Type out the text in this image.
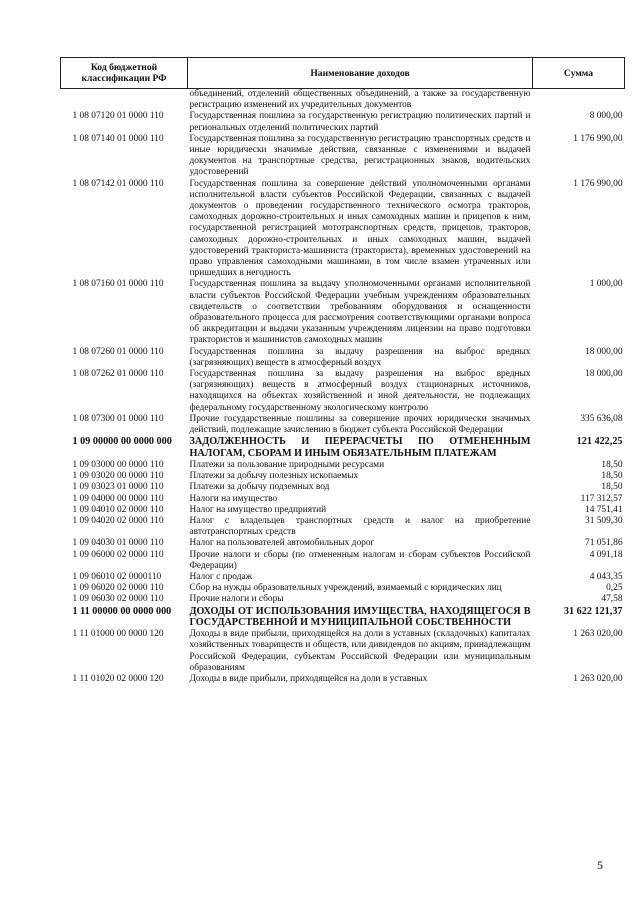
Код бюджетной классификации РФ	Наименование доходов	Сумма
	объединений, отделений общественных объединений, а также за государственную регистрацию изменений их учредительных документов	
1 08 07120 01 0000 110	Государственная пошлина за государственную регистрацию политических партий и региональных отделений политических партий	8 000,00
1 08 07140 01 0000 110	Государственная пошлина за государственную регистрацию транспортных средств и иные юридически значимые действия, связанные с изменениями и выдачей документов на транспортные средства, регистрационных знаков, водительских удостоверений	1 176 990,00
1 08 07142 01 0000 110	Государственная пошлина за совершение действий уполномоченными органами исполнительной власти субъектов Российской Федерации, связанных с выдачей документов о проведении государственного технического осмотра тракторов, самоходных дорожно-строительных и иных самоходных машин и прицепов к ним, государственной регистрацией мототранспортных средств, прицепов, тракторов, самоходных дорожно-строительных и иных самоходных машин, выдачей удостоверений тракториста-машиниста (тракториста), временных удостоверений на право управления самоходными машинами, в том числе взамен утраченных или пришедших в негодность	1 176 990,00
1 08 07160 01 0000 110	Государственная пошлина за выдачу уполномоченными органами исполнительной власти субъектов Российской Федерации учебным учреждениям образовательных свидетельств о соответствии требованиям оборудования и оснащенности образовательного процесса для рассмотрения соответствующими органами вопроса об аккредитации и выдачи указанным учреждениям лицензии на право подготовки трактористов и машинистов самоходных машин	1 000,00
1 08 07260 01 0000 110	Государственная пошлина за выдачу разрешения на выброс вредных (загрязняющих) веществ в атмосферный воздух	18 000,00
1 08 07262 01 0000 110	Государственная пошлина за выдачу разрешения на выброс вредных (загрязняющих) веществ в атмосферный воздух стационарных источников, находящихся на объектах хозяйственной и иной деятельности, не подлежащих федеральному государственному экологическому контролю	18 000,00
1 08 07300 01 0000 110	Прочие государственные пошлины за совершение прочих юридически значимых действий, подлежащие зачислению в бюджет субъекта Российской Федерации	335 636,08
1 09 00000 00 0000 000	ЗАДОЛЖЕННОСТЬ И ПЕРЕРАСЧЕТЫ ПО ОТМЕНЕННЫМ НАЛОГАМ, СБОРАМ И ИНЫМ ОБЯЗАТЕЛЬНЫМ ПЛАТЕЖАМ	121 422,25
1 09 03000 00 0000 110	Платежи за пользование природными ресурсами	18,50
1 09 03020 00 0000 110	Платежи за добычу полезных ископаемых	18,50
1 09 03023 01 0000 110	Платежи за добычу подземных вод	18,50
1 09 04000 00 0000 110	Налоги на имущество	117 312,57
1 09 04010 02 0000 110	Налог на имущество предприятий	14 751,41
1 09 04020 02 0000 110	Налог с владельцев транспортных средств и налог на приобретение автотранспортных средств	31 509,30
1 09 04030 01 0000 110	Налог на пользователей автомобильных дорог	71 051,86
1 09 06000 02 0000 110	Прочие налоги и сборы (по отмененным налогам и сборам субъектов Российской Федерации)	4 091,18
1 09 06010 02 0000110	Налог с продаж	4 043,35
1 09 06020 02 0000 110	Сбор на нужды образовательных учреждений, взимаемый с юридических лиц	0,25
1 09 06030 02 0000 110	Прочие налоги и сборы	47,58
1 11 00000 00 0000 000	ДОХОДЫ ОТ ИСПОЛЬЗОВАНИЯ ИМУЩЕСТВА, НАХОДЯЩЕГОСЯ В ГОСУДАРСТВЕННОЙ И МУНИЦИПАЛЬНОЙ СОБСТВЕННОСТИ	31 622 121,37
1 11 01000 00 0000 120	Доходы в виде прибыли, приходящейся на доли в уставных (складочных) капиталах хозяйственных товариществ и обществ, или дивидендов по акциям, принадлежащим Российской Федерации, субъектам Российской Федерации или муниципальным образованиям	1 263 020,00
1 11 01020 02 0000 120	Доходы в виде прибыли, приходящейся на доли в уставных	1 263 020,00
5
